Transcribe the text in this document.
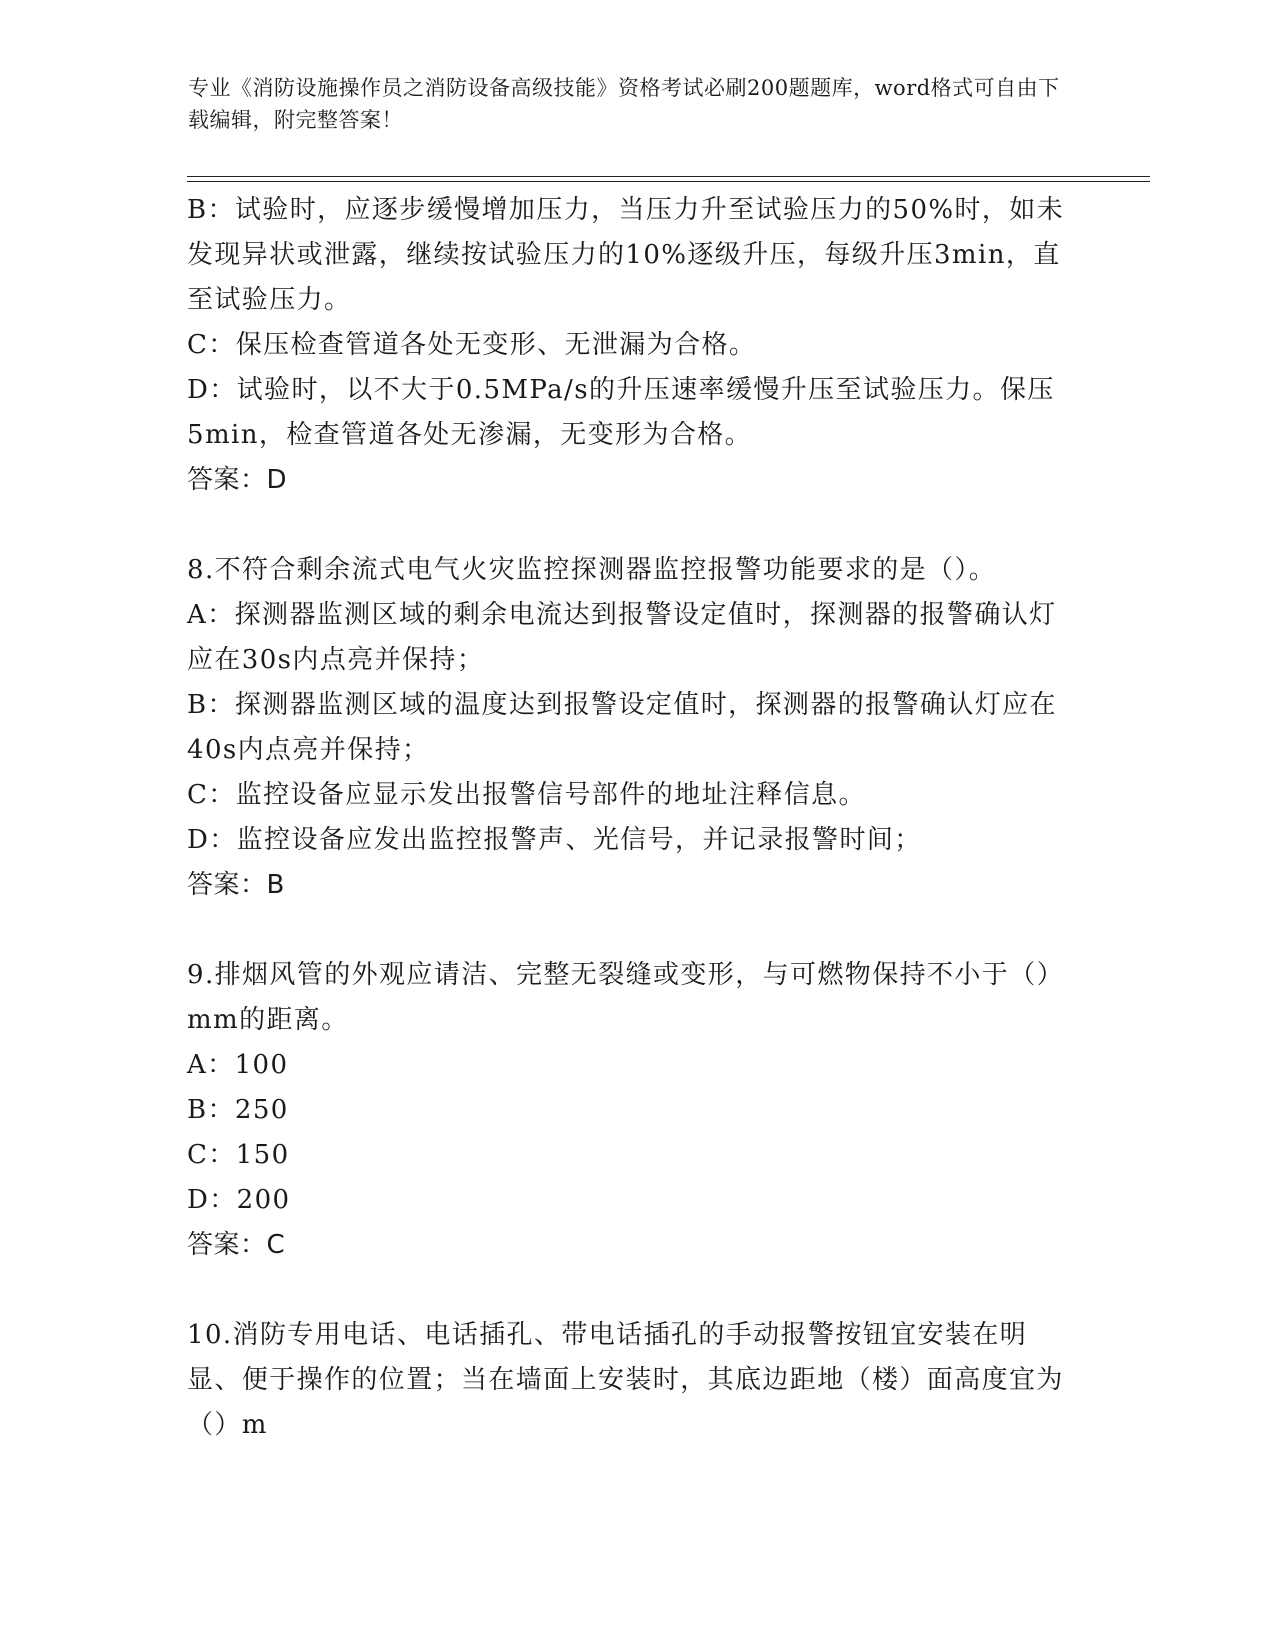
专业《消防设施操作员之消防设备高级技能》资格考试必刷200题题库，word格式可自由下载编辑，附完整答案！

B：试验时，应逐步缓慢增加压力，当压力升至试验压力的50%时，如未发现异状或泄露，继续按试验压力的10%逐级升压，每级升压3min，直至试验压力。

C：保压检查管道各处无变形、无泄漏为合格。

D：试验时，以不大于0.5MPa/s的升压速率缓慢升压至试验压力。保压5min，检查管道各处无渗漏，无变形为合格。

答案：D

8.不符合剩余流式电气火灾监控探测器监控报警功能要求的是（）。

A：探测器监测区域的剩余电流达到报警设定值时，探测器的报警确认灯应在30s内点亮并保持；

B：探测器监测区域的温度达到报警设定值时，探测器的报警确认灯应在40s内点亮并保持；

C：监控设备应显示发出报警信号部件的地址注释信息。

D：监控设备应发出监控报警声、光信号，并记录报警时间；

答案：B

9.排烟风管的外观应请洁、完整无裂缝或变形，与可燃物保持不小于（）mm的距离。

A：100

B：250

C：150

D：200

答案：C

10.消防专用电话、电话插孔、带电话插孔的手动报警按钮宜安装在明显、便于操作的位置；当在墙面上安装时，其底边距地（楼）面高度宜为（）m
